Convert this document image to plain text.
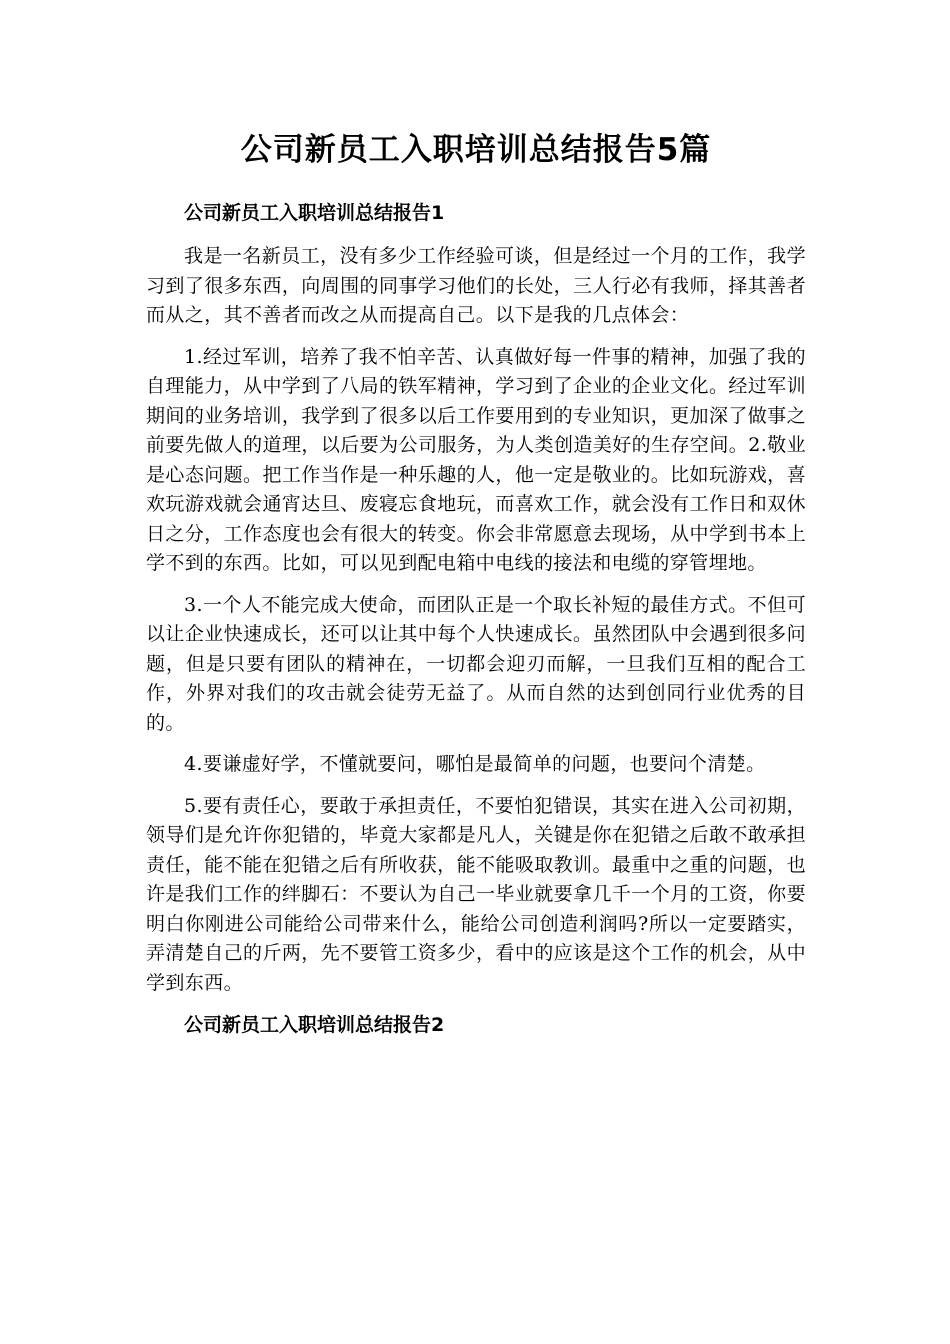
公司新员工入职培训总结报告5篇
公司新员工入职培训总结报告1

我是一名新员工，没有多少工作经验可谈，但是经过一个月的工作，我学习到了很多东西，向周围的同事学习他们的长处，三人行必有我师，择其善者而从之，其不善者而改之从而提高自己。以下是我的几点体会：

1.经过军训，培养了我不怕辛苦、认真做好每一件事的精神，加强了我的自理能力，从中学到了八局的铁军精神，学习到了企业的企业文化。经过军训期间的业务培训，我学到了很多以后工作要用到的专业知识，更加深了做事之前要先做人的道理，以后要为公司服务，为人类创造美好的生存空间。2.敬业是心态问题。把工作当作是一种乐趣的人，他一定是敬业的。比如玩游戏，喜欢玩游戏就会通宵达旦、废寝忘食地玩，而喜欢工作，就会没有工作日和双休日之分，工作态度也会有很大的转变。你会非常愿意去现场，从中学到书本上学不到的东西。比如，可以见到配电箱中电线的接法和电缆的穿管埋地。

3.一个人不能完成大使命，而团队正是一个取长补短的最佳方式。不但可以让企业快速成长，还可以让其中每个人快速成长。虽然团队中会遇到很多问题，但是只要有团队的精神在，一切都会迎刃而解，一旦我们互相的配合工作，外界对我们的攻击就会徒劳无益了。从而自然的达到创同行业优秀的目的。

4.要谦虚好学，不懂就要问，哪怕是最简单的问题，也要问个清楚。

5.要有责任心，要敢于承担责任，不要怕犯错误，其实在进入公司初期，领导们是允许你犯错的，毕竟大家都是凡人，关键是你在犯错之后敢不敢承担责任，能不能在犯错之后有所收获，能不能吸取教训。最重中之重的问题，也许是我们工作的绊脚石：不要认为自己一毕业就要拿几千一个月的工资，你要明白你刚进公司能给公司带来什么，能给公司创造利润吗?所以一定要踏实，弄清楚自己的斤两，先不要管工资多少，看中的应该是这个工作的机会，从中学到东西。

公司新员工入职培训总结报告2
